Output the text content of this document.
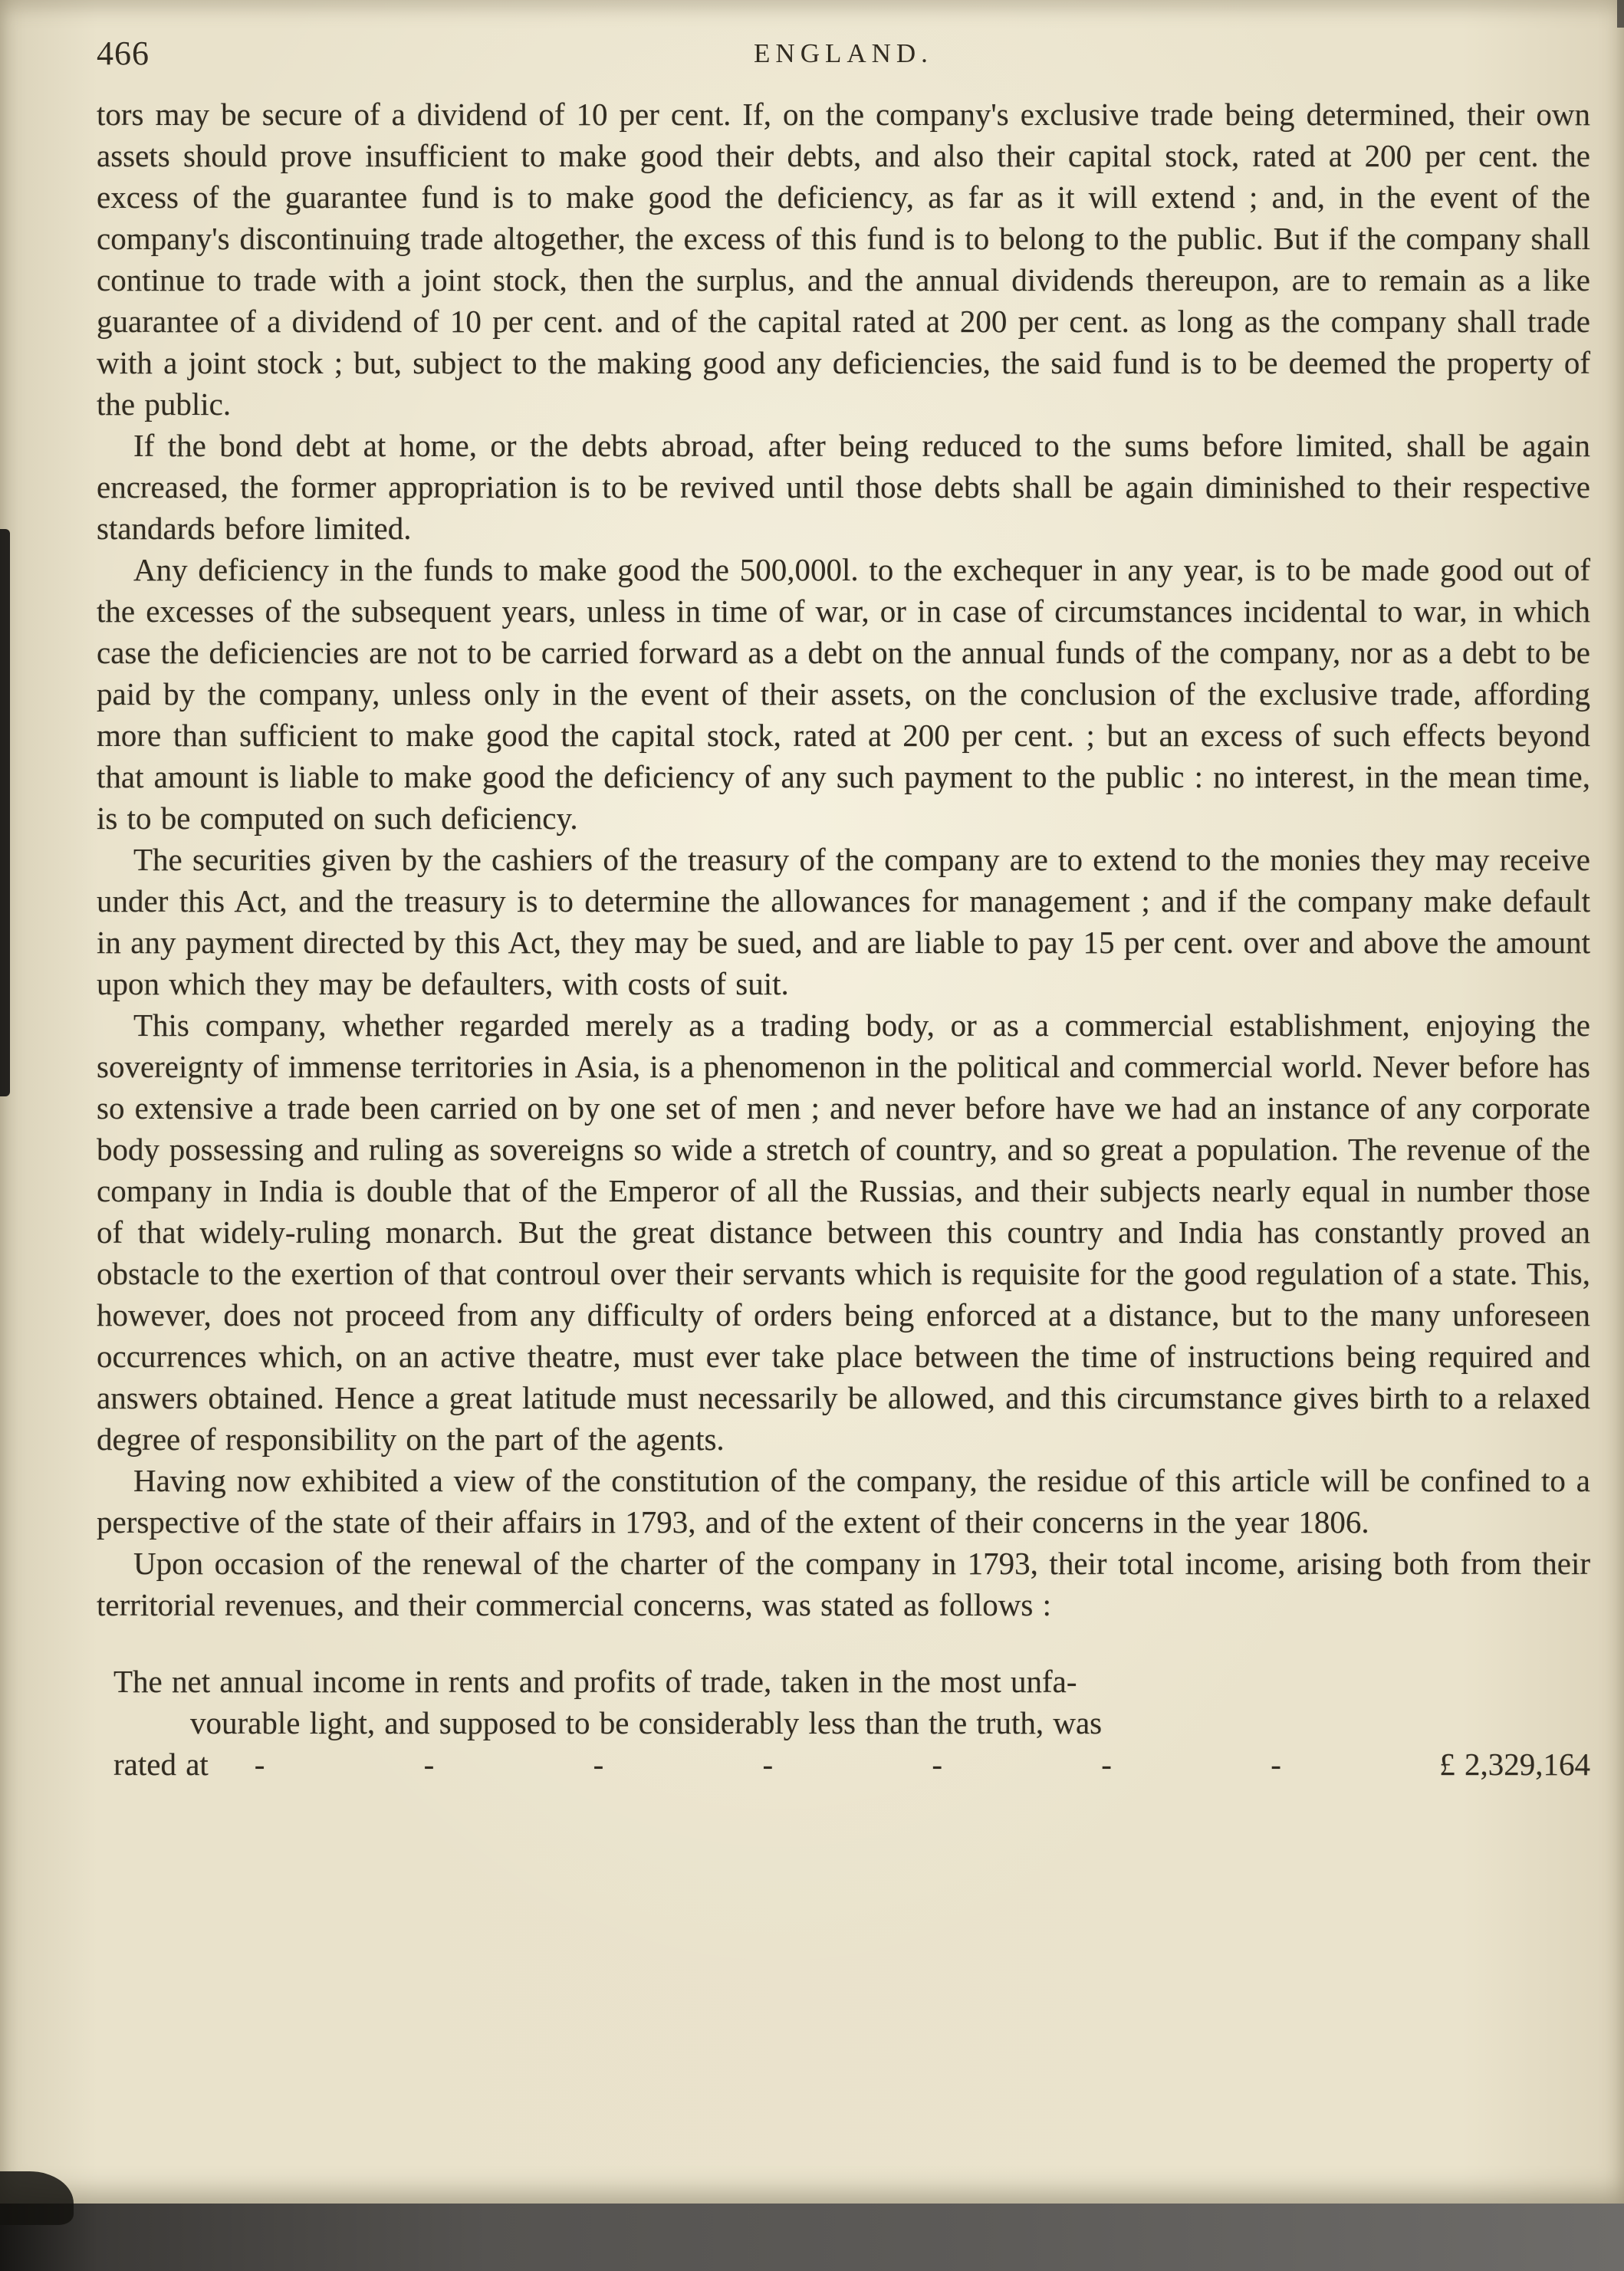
466	ENGLAND.

tors may be secure of a dividend of 10 per cent. If, on the company's exclusive trade being determined, their own assets should prove insufficient to make good their debts, and also their capital stock, rated at 200 per cent. the excess of the guarantee fund is to make good the deficiency, as far as it will extend ; and, in the event of the company's discontinuing trade altogether, the excess of this fund is to belong to the public. But if the company shall continue to trade with a joint stock, then the surplus, and the annual dividends thereupon, are to remain as a like guarantee of a dividend of 10 per cent. and of the capital rated at 200 per cent. as long as the company shall trade with a joint stock ; but, subject to the making good any deficiencies, the said fund is to be deemed the property of the public.

If the bond debt at home, or the debts abroad, after being reduced to the sums before limited, shall be again encreased, the former appropriation is to be revived until those debts shall be again diminished to their respective standards before limited.

Any deficiency in the funds to make good the 500,000l. to the exchequer in any year, is to be made good out of the excesses of the subsequent years, unless in time of war, or in case of circumstances incidental to war, in which case the deficiencies are not to be carried forward as a debt on the annual funds of the company, nor as a debt to be paid by the company, unless only in the event of their assets, on the conclusion of the exclusive trade, affording more than sufficient to make good the capital stock, rated at 200 per cent. ; but an excess of such effects beyond that amount is liable to make good the deficiency of any such payment to the public : no interest, in the mean time, is to be computed on such deficiency.

The securities given by the cashiers of the treasury of the company are to extend to the monies they may receive under this Act, and the treasury is to determine the allowances for management ; and if the company make default in any payment directed by this Act, they may be sued, and are liable to pay 15 per cent. over and above the amount upon which they may be defaulters, with costs of suit.

This company, whether regarded merely as a trading body, or as a commercial establishment, enjoying the sovereignty of immense territories in Asia, is a phenomenon in the political and commercial world. Never before has so extensive a trade been carried on by one set of men ; and never before have we had an instance of any corporate body possessing and ruling as sovereigns so wide a stretch of country, and so great a population. The revenue of the company in India is double that of the Emperor of all the Russias, and their subjects nearly equal in number those of that widely-ruling monarch. But the great distance between this country and India has constantly proved an obstacle to the exertion of that controul over their servants which is requisite for the good regulation of a state. This, however, does not proceed from any difficulty of orders being enforced at a distance, but to the many unforeseen occurrences which, on an active theatre, must ever take place between the time of instructions being required and answers obtained. Hence a great latitude must necessarily be allowed, and this circumstance gives birth to a relaxed degree of responsibility on the part of the agents.

Having now exhibited a view of the constitution of the company, the residue of this article will be confined to a perspective of the state of their affairs in 1793, and of the extent of their concerns in the year 1806.

Upon occasion of the renewal of the charter of the company in 1793, their total income, arising both from their territorial revenues, and their commercial concerns, was stated as follows :

The net annual income in rents and profits of trade, taken in the most unfa-

vourable light, and supposed to be considerably less than the truth, was

rated at - - - - - - -	£ 2,329,164
